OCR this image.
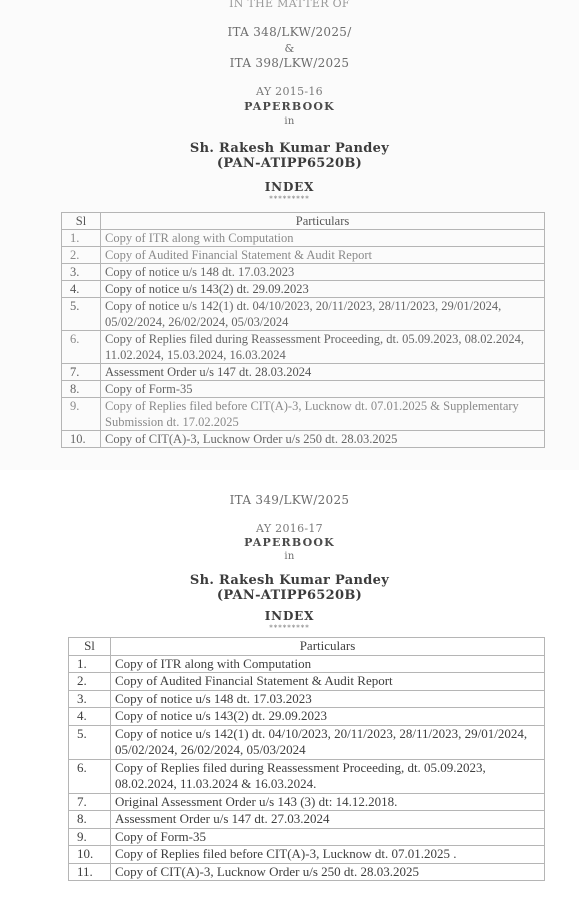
IN THE MATTER OF
ITA 348/LKW/2025/
&
ITA 398/LKW/2025
AY 2015-16
PAPERBOOK
in
Sh. Rakesh Kumar Pandey
(PAN-ATIPP6520B)
INDEX
*********
Sl	Particulars
1.	Copy of ITR along with Computation
2.	Copy of Audited Financial Statement & Audit Report
3.	Copy of notice u/s 148 dt. 17.03.2023
4.	Copy of notice u/s 143(2) dt. 29.09.2023
5.	Copy of notice u/s 142(1) dt. 04/10/2023, 20/11/2023, 28/11/2023, 29/01/2024, 05/02/2024, 26/02/2024, 05/03/2024
6.	Copy of Replies filed during Reassessment Proceeding, dt. 05.09.2023, 08.02.2024, 11.02.2024, 15.03.2024, 16.03.2024
7.	Assessment Order u/s 147 dt. 28.03.2024
8.	Copy of Form-35
9.	Copy of Replies filed before CIT(A)-3, Lucknow dt. 07.01.2025 & Supplementary Submission dt. 17.02.2025
10.	Copy of CIT(A)-3, Lucknow Order u/s 250 dt. 28.03.2025
ITA 349/LKW/2025
AY 2016-17
PAPERBOOK
in
Sh. Rakesh Kumar Pandey
(PAN-ATIPP6520B)
INDEX
*********
Sl	Particulars
1.	Copy of ITR along with Computation
2.	Copy of Audited Financial Statement & Audit Report
3.	Copy of notice u/s 148 dt. 17.03.2023
4.	Copy of notice u/s 143(2) dt. 29.09.2023
5.	Copy of notice u/s 142(1) dt. 04/10/2023, 20/11/2023, 28/11/2023, 29/01/2024, 05/02/2024, 26/02/2024, 05/03/2024
6.	Copy of Replies filed during Reassessment Proceeding, dt. 05.09.2023, 08.02.2024, 11.03.2024 & 16.03.2024.
7.	Original Assessment Order u/s 143 (3) dt: 14.12.2018.
8.	Assessment Order u/s 147 dt. 27.03.2024
9.	Copy of Form-35
10.	Copy of Replies filed before CIT(A)-3, Lucknow dt. 07.01.2025 .
11.	Copy of CIT(A)-3, Lucknow Order u/s 250 dt. 28.03.2025
